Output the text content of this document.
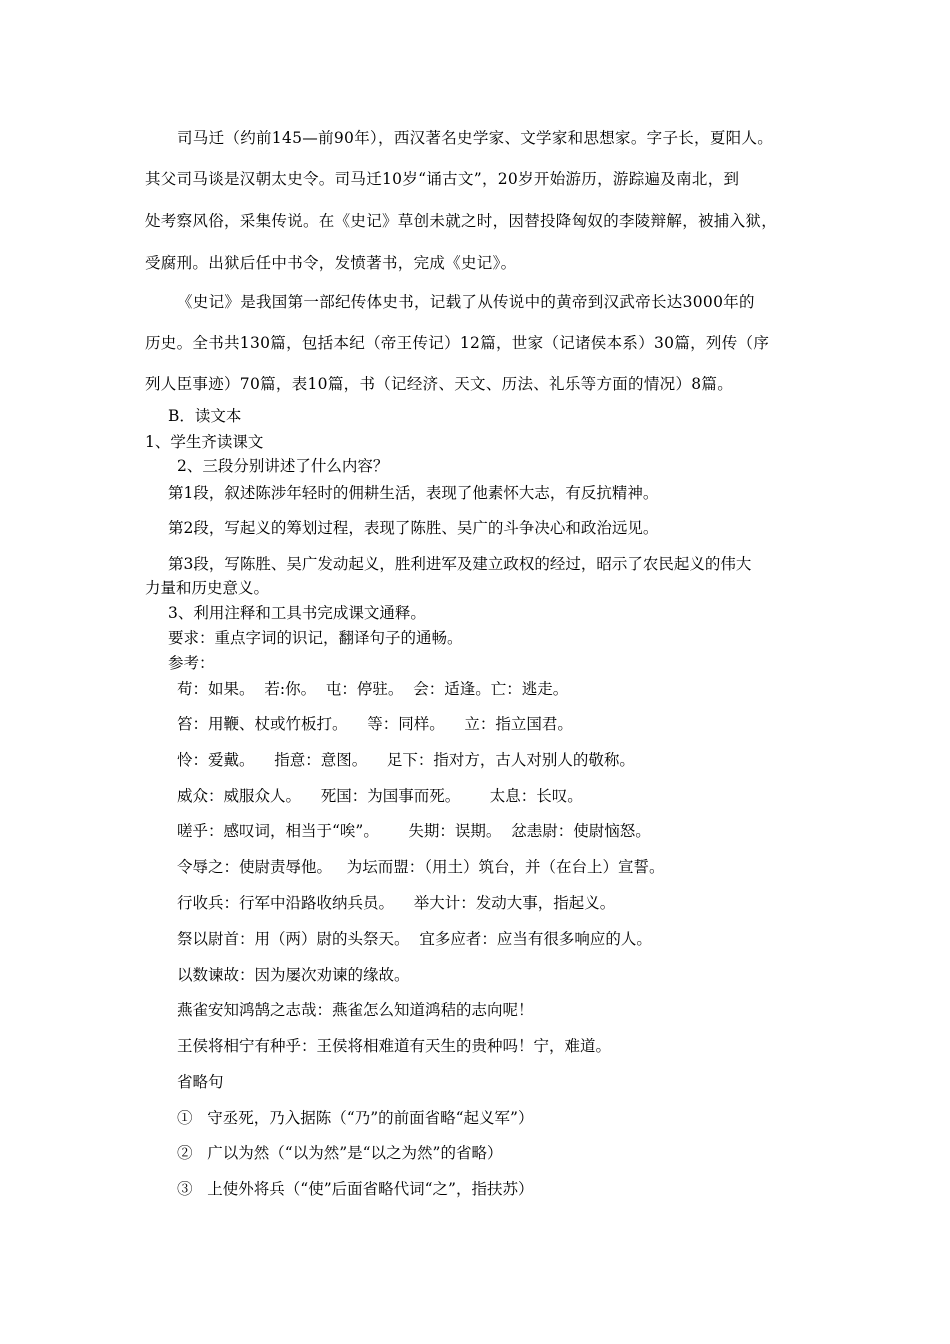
司马迁（约前145—前90年），西汉著名史学家、文学家和思想家。字子长，夏阳人。
其父司马谈是汉朝太史令。司马迁10岁“诵古文”，20岁开始游历，游踪遍及南北，到
处考察风俗，采集传说。在《史记》草创未就之时，因替投降匈奴的李陵辩解，被捕入狱，
受腐刑。出狱后任中书令，发愤著书，完成《史记》。
《史记》是我国第一部纪传体史书，记载了从传说中的黄帝到汉武帝长达3000年的
历史。全书共130篇，包括本纪（帝王传记）12篇，世家（记诸侯本系）30篇，列传（序
列人臣事迹）70篇，表10篇，书（记经济、天文、历法、礼乐等方面的情况）8篇。
B．读文本
1、学生齐读课文
2、三段分别讲述了什么内容？
第1段，叙述陈涉年轻时的佣耕生活，表现了他素怀大志，有反抗精神。
第2段，写起义的筹划过程，表现了陈胜、吴广的斗争决心和政治远见。
第3段，写陈胜、吴广发动起义，胜利进军及建立政权的经过，昭示了农民起义的伟大
力量和历史意义。
3、利用注释和工具书完成课文通释。
要求：重点字词的识记，翻译句子的通畅。
参考：
苟：如果。  若:你。  屯：停驻。  会：适逢。亡：逃走。
笞：用鞭、杖或竹板打。    等：同样。    立：指立国君。
怜：爱戴。    指意：意图。    足下：指对方，古人对别人的敬称。
威众：威服众人。    死国：为国事而死。      太息：长叹。
嗟乎：感叹词，相当于“唉”。      失期：误期。  忿恚尉：使尉恼怒。
令辱之：使尉责辱他。   为坛而盟：（用土）筑台，并（在台上）宣誓。
行收兵：行军中沿路收纳兵员。    举大计：发动大事，指起义。
祭以尉首：用（两）尉的头祭天。  宜多应者：应当有很多响应的人。
以数谏故：因为屡次劝谏的缘故。
燕雀安知鸿鹄之志哉：燕雀怎么知道鸿秸的志向呢！
王侯将相宁有种乎：王侯将相难道有天生的贵种吗！宁，难道。
省略句
①   守丞死，乃入据陈（“乃”的前面省略“起义军”）
②   广以为然（“以为然”是“以之为然”的省略）
③   上使外将兵（“使”后面省略代词“之”，指扶苏）
